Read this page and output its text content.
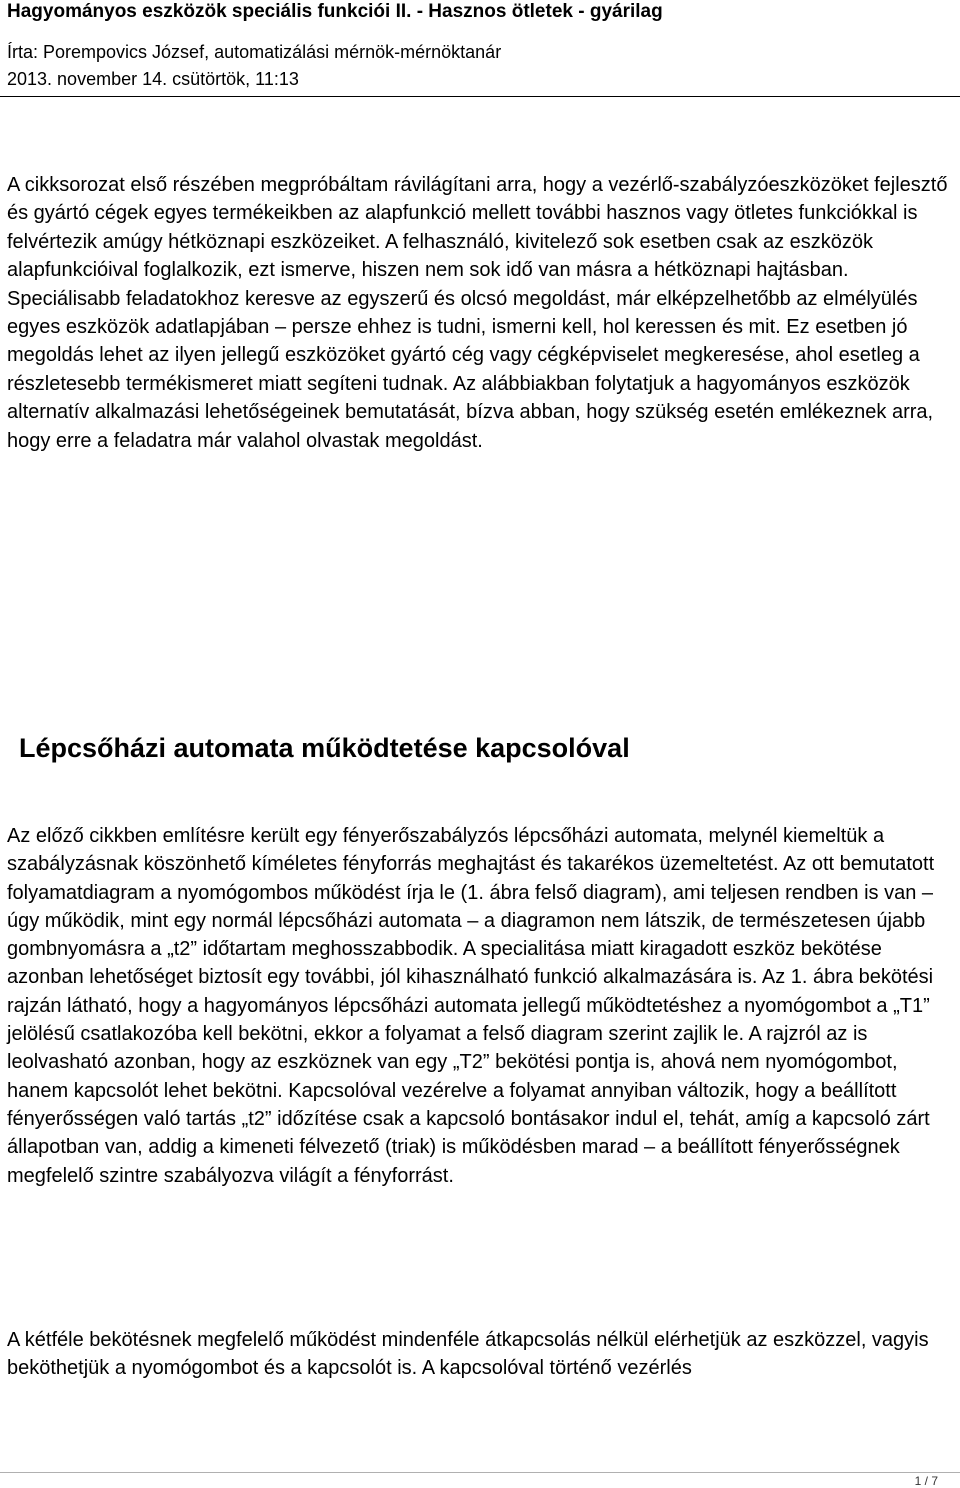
Hagyományos eszközök speciális funkciói II. - Hasznos ötletek - gyárilag
Írta: Porempovics József, automatizálási mérnök-mérnöktanár
2013. november 14. csütörtök, 11:13

A cikksorozat első részében megpróbáltam rávilágítani arra, hogy a vezérlő-szabályzóeszközöket fejlesztő és gyártó cégek egyes termékeikben az alapfunkció mellett további hasznos vagy ötletes funkciókkal is felvértezik amúgy hétköznapi eszközeiket. A felhasználó, kivitelező sok esetben csak az eszközök alapfunkcióival foglalkozik, ezt ismerve, hiszen nem sok idő van másra a hétköznapi hajtásban. Speciálisabb feladatokhoz keresve az egyszerű és olcsó megoldást, már elképzelhetőbb az elmélyülés egyes eszközök adatlapjában – persze ehhez is tudni, ismerni kell, hol keressen és mit. Ez esetben jó megoldás lehet az ilyen jellegű eszközöket gyártó cég vagy cégképviselet megkeresése, ahol esetleg a részletesebb termékismeret miatt segíteni tudnak. Az alábbiakban folytatjuk a hagyományos eszközök alternatív alkalmazási lehetőségeinek bemutatását, bízva abban, hogy szükség esetén emlékeznek arra, hogy erre a feladatra már valahol olvastak megoldást.

Lépcsőházi automata működtetése kapcsolóval

Az előző cikkben említésre került egy fényerőszabályzós lépcsőházi automata, melynél kiemeltük a szabályzásnak köszönhető kíméletes fényforrás meghajtást és takarékos üzemeltetést. Az ott bemutatott folyamatdiagram a nyomógombos működést írja le (1. ábra felső diagram), ami teljesen rendben is van – úgy működik, mint egy normál lépcsőházi automata – a diagramon nem látszik, de természetesen újabb gombnyomásra a „t2” időtartam meghosszabbodik. A specialitása miatt kiragadott eszköz bekötése azonban lehetőséget biztosít egy további, jól kihasználható funkció alkalmazására is. Az 1. ábra bekötési rajzán látható, hogy a hagyományos lépcsőházi automata jellegű működtetéshez a nyomógombot a „T1” jelölésű csatlakozóba kell bekötni, ekkor a folyamat a felső diagram szerint zajlik le. A rajzról az is leolvasható azonban, hogy az eszköznek van egy „T2” bekötési pontja is, ahová nem nyomógombot, hanem kapcsolót lehet bekötni. Kapcsolóval vezérelve a folyamat annyiban változik, hogy a beállított fényerősségen való tartás „t2” időzítése csak a kapcsoló bontásakor indul el, tehát, amíg a kapcsoló zárt állapotban van, addig a kimeneti félvezető (triak) is működésben marad – a beállított fényerősségnek megfelelő szintre szabályozva világít a fényforrást.

A kétféle bekötésnek megfelelő működést mindenféle átkapcsolás nélkül elérhetjük az eszközzel, vagyis beköthetjük a nyomógombot és a kapcsolót is. A kapcsolóval történő vezérlés

1 / 7
